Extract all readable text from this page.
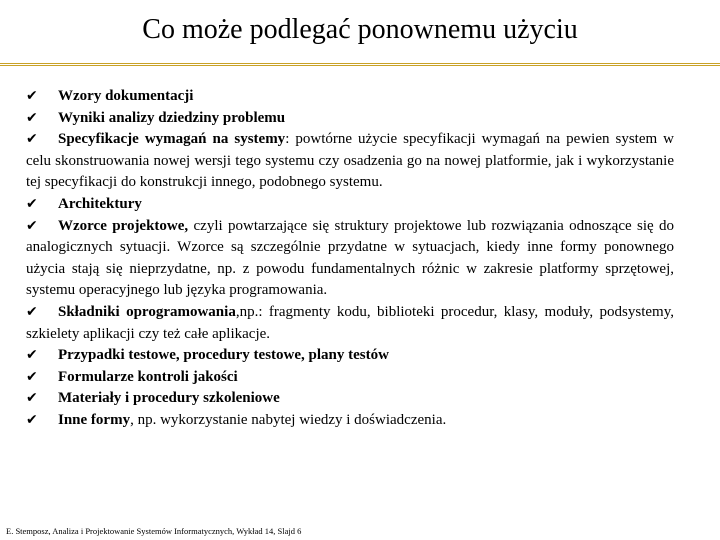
Co może podlegać ponownemu użyciu

✔ Wzory dokumentacji

✔ Wyniki analizy dziedziny problemu

✔ Specyfikacje wymagań na systemy: powtórne użycie specyfikacji wymagań na pewien system w celu skonstruowania nowej wersji tego systemu czy osadzenia go na nowej platformie, jak i wykorzystanie tej specyfikacji do konstrukcji innego, podobnego systemu.

✔ Architektury

✔ Wzorce projektowe, czyli powtarzające się struktury projektowe lub rozwiązania odnoszące się do analogicznych sytuacji. Wzorce są szczególnie przydatne w sytuacjach, kiedy inne formy ponownego użycia stają się nieprzydatne, np. z powodu fundamentalnych różnic w zakresie platformy sprzętowej, systemu operacyjnego lub języka programowania.

✔ Składniki oprogramowania,np.: fragmenty kodu, biblioteki procedur, klasy, moduły, podsystemy, szkielety aplikacji czy też całe aplikacje.

✔ Przypadki testowe, procedury testowe, plany testów

✔ Formularze kontroli jakości

✔ Materiały i procedury szkoleniowe

✔ Inne formy, np. wykorzystanie nabytej wiedzy i doświadczenia.

E. Stemposz, Analiza i Projektowanie Systemów Informatycznych, Wykład 14, Slajd 6
